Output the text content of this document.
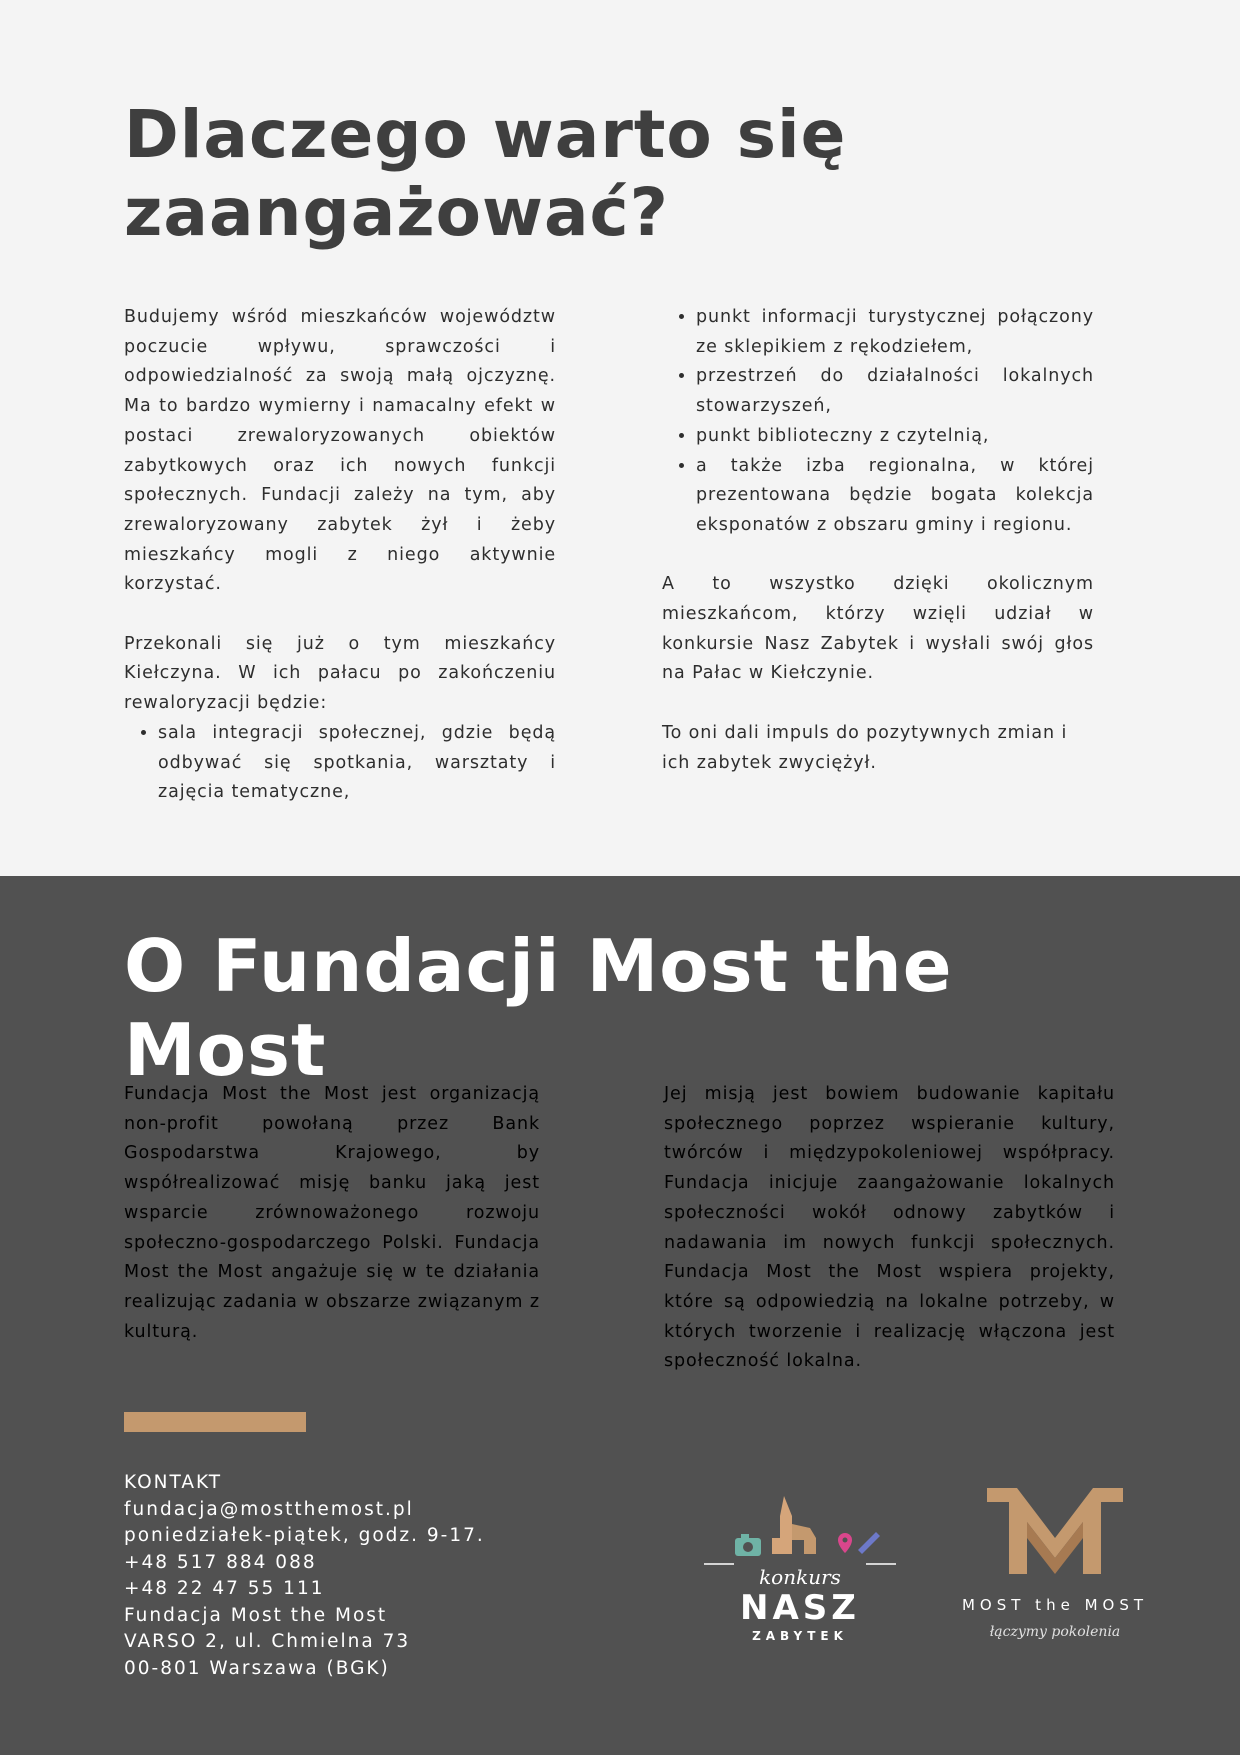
Dlaczego warto się
zaangażować?

Budujemy wśród mieszkańców województw poczucie wpływu, sprawczości i odpowiedzialność za swoją małą ojczyznę. Ma to bardzo wymierny i namacalny efekt w postaci zrewaloryzowanych obiektów zabytkowych oraz ich nowych funkcji społecznych. Fundacji zależy na tym, aby zrewaloryzowany zabytek żył i żeby mieszkańcy mogli z niego aktywnie korzystać.

Przekonali się już o tym mieszkańcy Kiełczyna. W ich pałacu po zakończeniu rewaloryzacji będzie:

• sala integracji społecznej, gdzie będą odbywać się spotkania, warsztaty i zajęcia tematyczne,
• punkt informacji turystycznej połączony ze sklepikiem z rękodziełem,
• przestrzeń do działalności lokalnych stowarzyszeń,
• punkt biblioteczny z czytelnią,
• a także izba regionalna, w której prezentowana będzie bogata kolekcja eksponatów z obszaru gminy i regionu.

A to wszystko dzięki okolicznym mieszkańcom, którzy wzięli udział w konkursie Nasz Zabytek i wysłali swój głos na Pałac w Kiełczynie.

To oni dali impuls do pozytywnych zmian i ich zabytek zwyciężył.

O Fundacji Most the Most

Fundacja Most the Most jest organizacją non-profit powołaną przez Bank Gospodarstwa Krajowego, by współrealizować misję banku jaką jest wsparcie zrównoważonego rozwoju społeczno-gospodarczego Polski. Fundacja Most the Most angażuje się w te działania realizując zadania w obszarze związanym z kulturą.

Jej misją jest bowiem budowanie kapitału społecznego poprzez wspieranie kultury, twórców i międzypokoleniowej współpracy. Fundacja inicjuje zaangażowanie lokalnych społeczności wokół odnowy zabytków i nadawania im nowych funkcji społecznych. Fundacja Most the Most wspiera projekty, które są odpowiedzią na lokalne potrzeby, w których tworzenie i realizację włączona jest społeczność lokalna.

KONTAKT
fundacja@mostthemost.pl
poniedziałek-piątek, godz. 9-17.
+48 517 884 088
+48 22 47 55 111
Fundacja Most the Most
VARSO 2, ul. Chmielna 73
00-801 Warszawa (BGK)
konkurs
NASZ
ZABYTEK
MOST the MOST
łączymy pokolenia
